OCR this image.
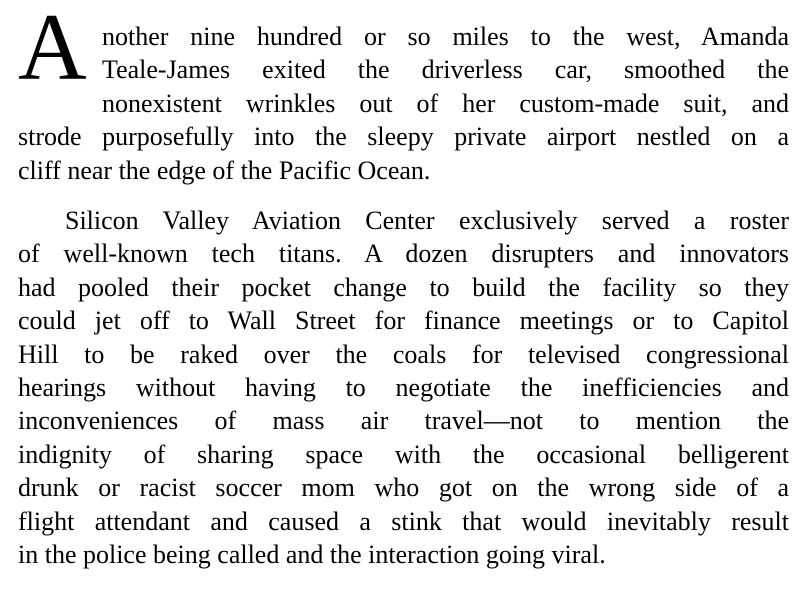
A nother nine hundred or so miles to the west, Amanda
Teale-James exited the driverless car, smoothed the
nonexistent wrinkles out of her custom-made suit, and
strode purposefully into the sleepy private airport nestled on a
cliff near the edge of the Pacific Ocean.
Silicon Valley Aviation Center exclusively served a roster
of well-known tech titans. A dozen disrupters and innovators
had pooled their pocket change to build the facility so they
could jet off to Wall Street for finance meetings or to Capitol
Hill to be raked over the coals for televised congressional
hearings without having to negotiate the inefficiencies and
inconveniences of mass air travel—not to mention the
indignity of sharing space with the occasional belligerent
drunk or racist soccer mom who got on the wrong side of a
flight attendant and caused a stink that would inevitably result
in the police being called and the interaction going viral.
